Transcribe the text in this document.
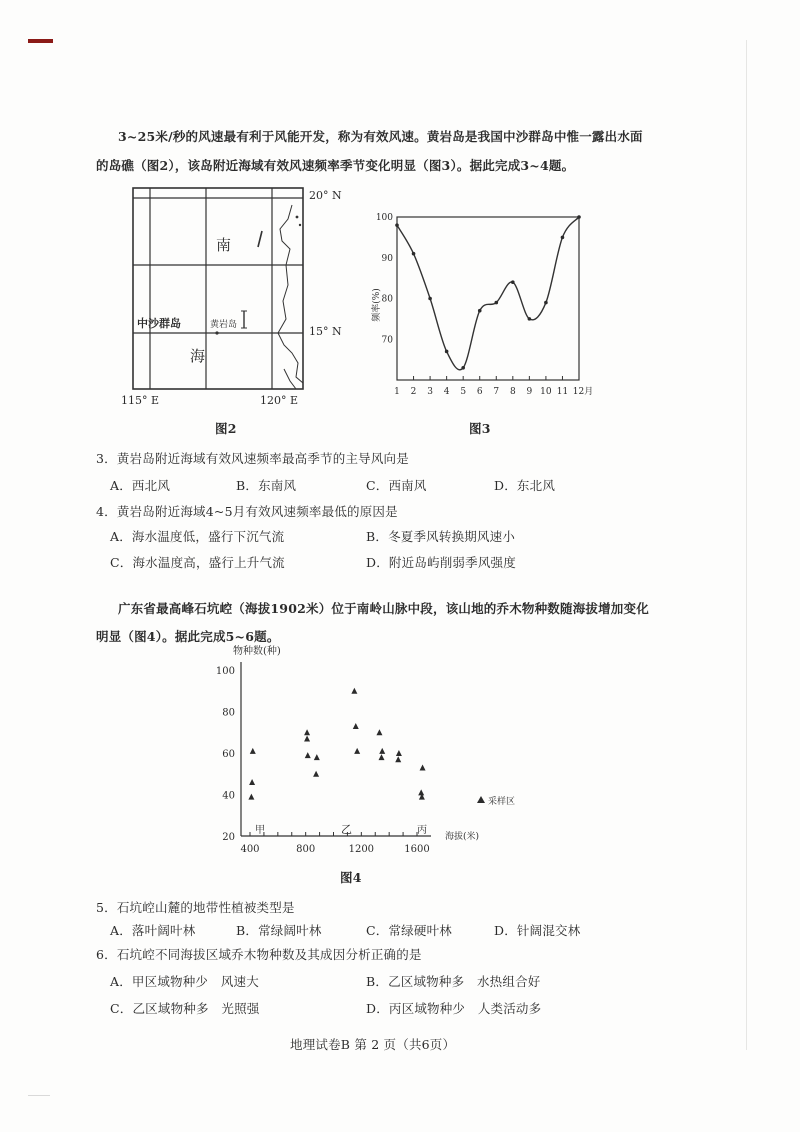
3~25米/秒的风速最有利于风能开发，称为有效风速。黄岩岛是我国中沙群岛中惟一露出水面
的岛礁（图2），该岛附近海域有效风速频率季节变化明显（图3）。据此完成3~4题。
20° N
15° N
115° E	120° E
南
海
中沙群岛	黄岩岛
图2
频率(%)
100
90
80
70
1 2 3 4 5 6 7 8 9 10 11 12月
图3
3．黄岩岛附近海域有效风速频率最高季节的主导风向是
A．西北风	B．东南风	C．西南风	D．东北风
4．黄岩岛附近海域4~5月有效风速频率最低的原因是
A．海水温度低，盛行下沉气流	B．冬夏季风转换期风速小
C．海水温度高，盛行上升气流	D．附近岛屿削弱季风强度
广东省最高峰石坑崆（海拔1902米）位于南岭山脉中段，该山地的乔木物种数随海拔增加变化
明显（图4）。据此完成5~6题。
物种数(种)
海拔(米)
甲	乙	丙
100
80
60
40
20
400	800	1200	1600
采样区
图4
5．石坑崆山麓的地带性植被类型是
A．落叶阔叶林	B．常绿阔叶林	C．常绿硬叶林	D．针阔混交林
6．石坑崆不同海拔区域乔木物种数及其成因分析正确的是
A．甲区域物种少　风速大	B．乙区域物种多　水热组合好
C．乙区域物种多　光照强	D．丙区域物种少　人类活动多
地理试卷B 第 2 页（共6页）
